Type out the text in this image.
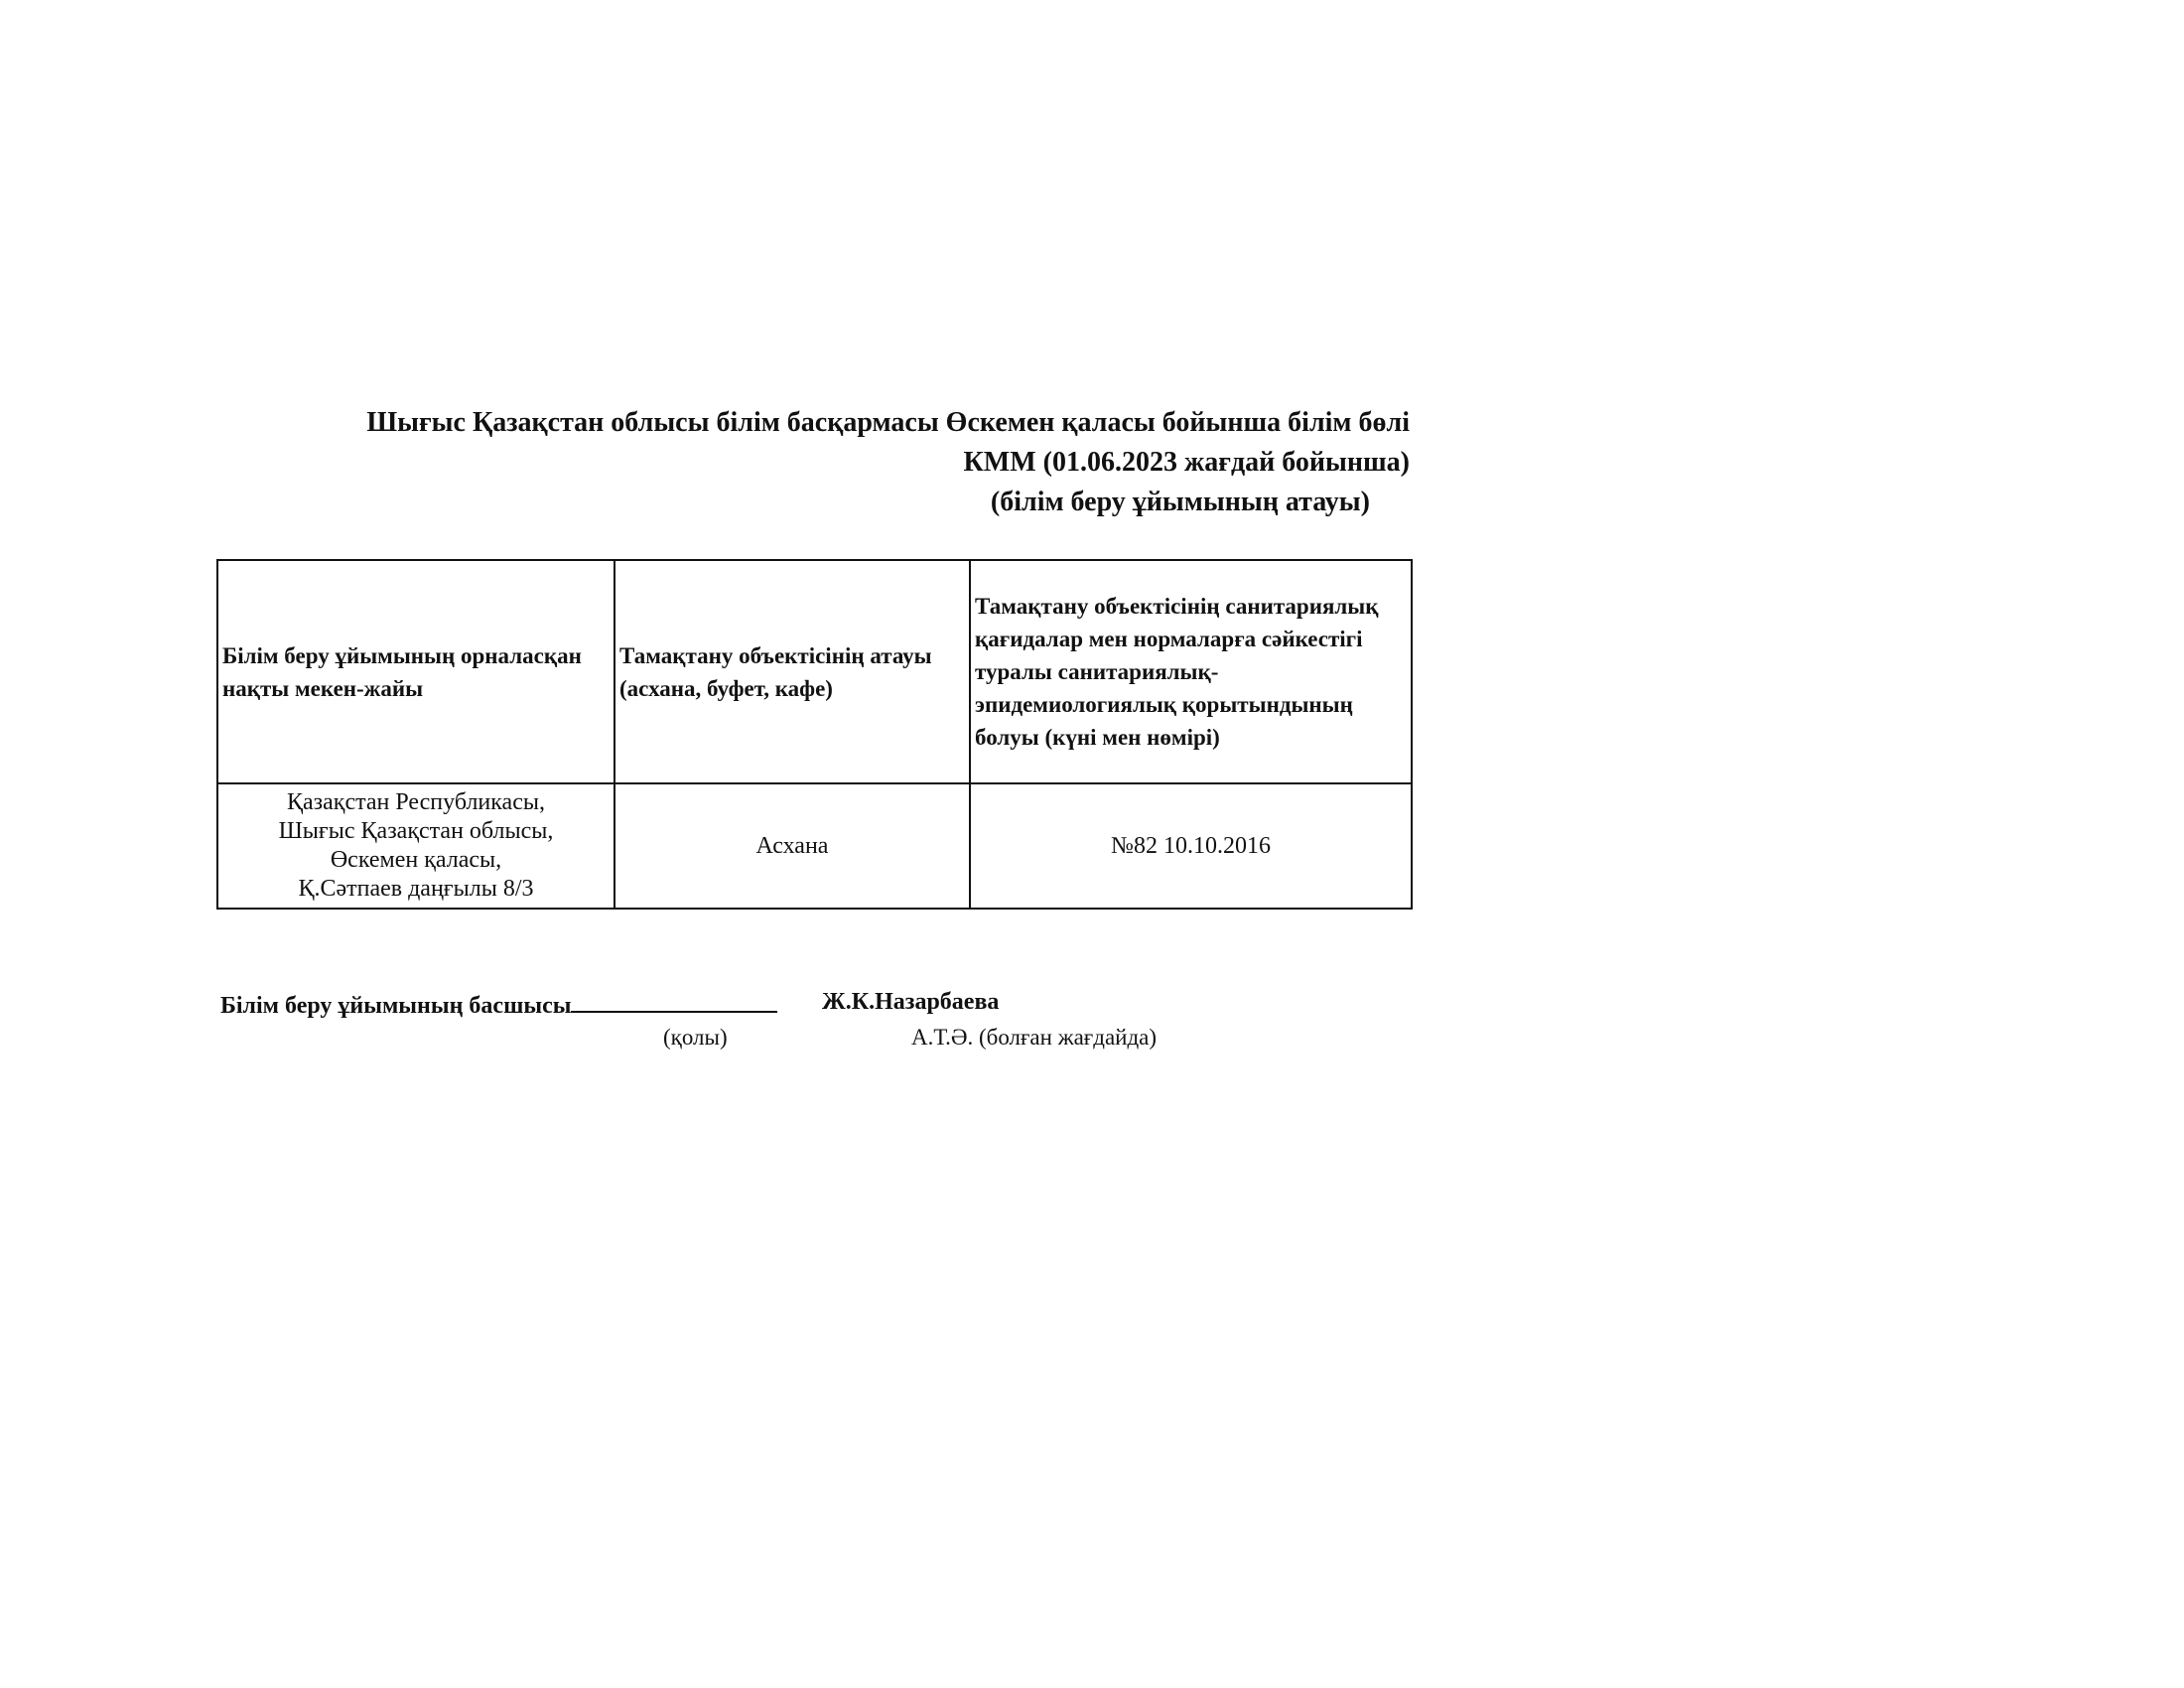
Шығыс Қазақстан облысы білім басқармасы Өскемен қаласы бойынша білім бөлі
КММ (01.06.2023 жағдай бойынша)
(білім беру ұйымының атауы)
Білім беру ұйымының орналасқан нақты мекен-жайы	Тамақтану объектісінің атауы (асхана, буфет, кафе)	Тамақтану объектісінің санитариялық қағидалар мен нормаларға сәйкестігі туралы санитариялық-эпидемиологиялық қорытындының болуы (күні мен нөмірі)

Қазақстан Республикасы,
Шығыс Қазақстан облысы,
Өскемен қаласы,
Қ.Сәтпаев даңғылы 8/3	Асхана	№82 10.10.2016
Білім беру ұйымының басшысы	Ж.К.Назарбаева
(қолы)	А.Т.Ә. (болған жағдайда)
